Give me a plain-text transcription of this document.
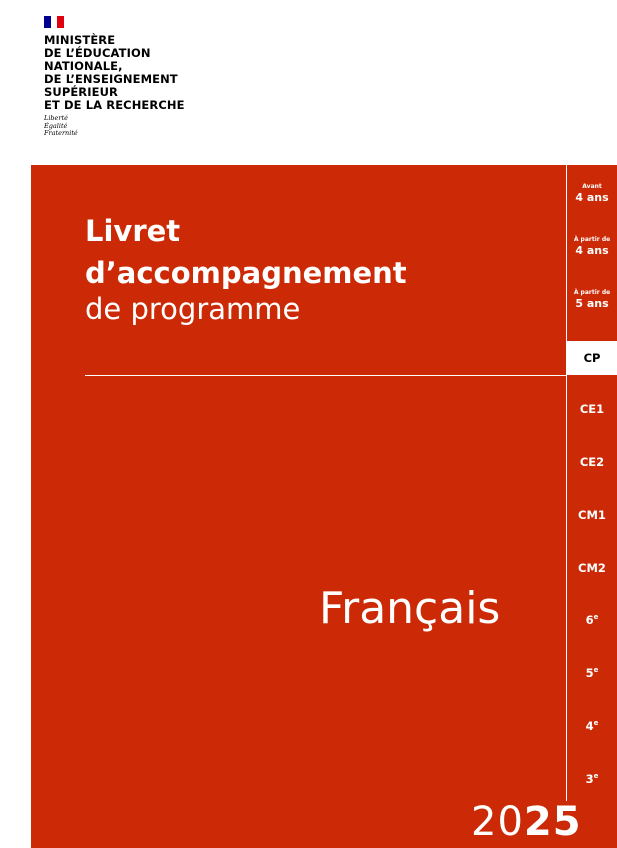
MINISTÈRE
DE L’ÉDUCATION
NATIONALE,
DE L’ENSEIGNEMENT
SUPÉRIEUR
ET DE LA RECHERCHE
Liberté
Égalité
Fraternité
Livret
d’accompagnement
de programme
Français
2025
Avant
4 ans
À partir de
4 ans
À partir de
5 ans
CP
CE1
CE2
CM1
CM2
6e
5e
4e
3e
